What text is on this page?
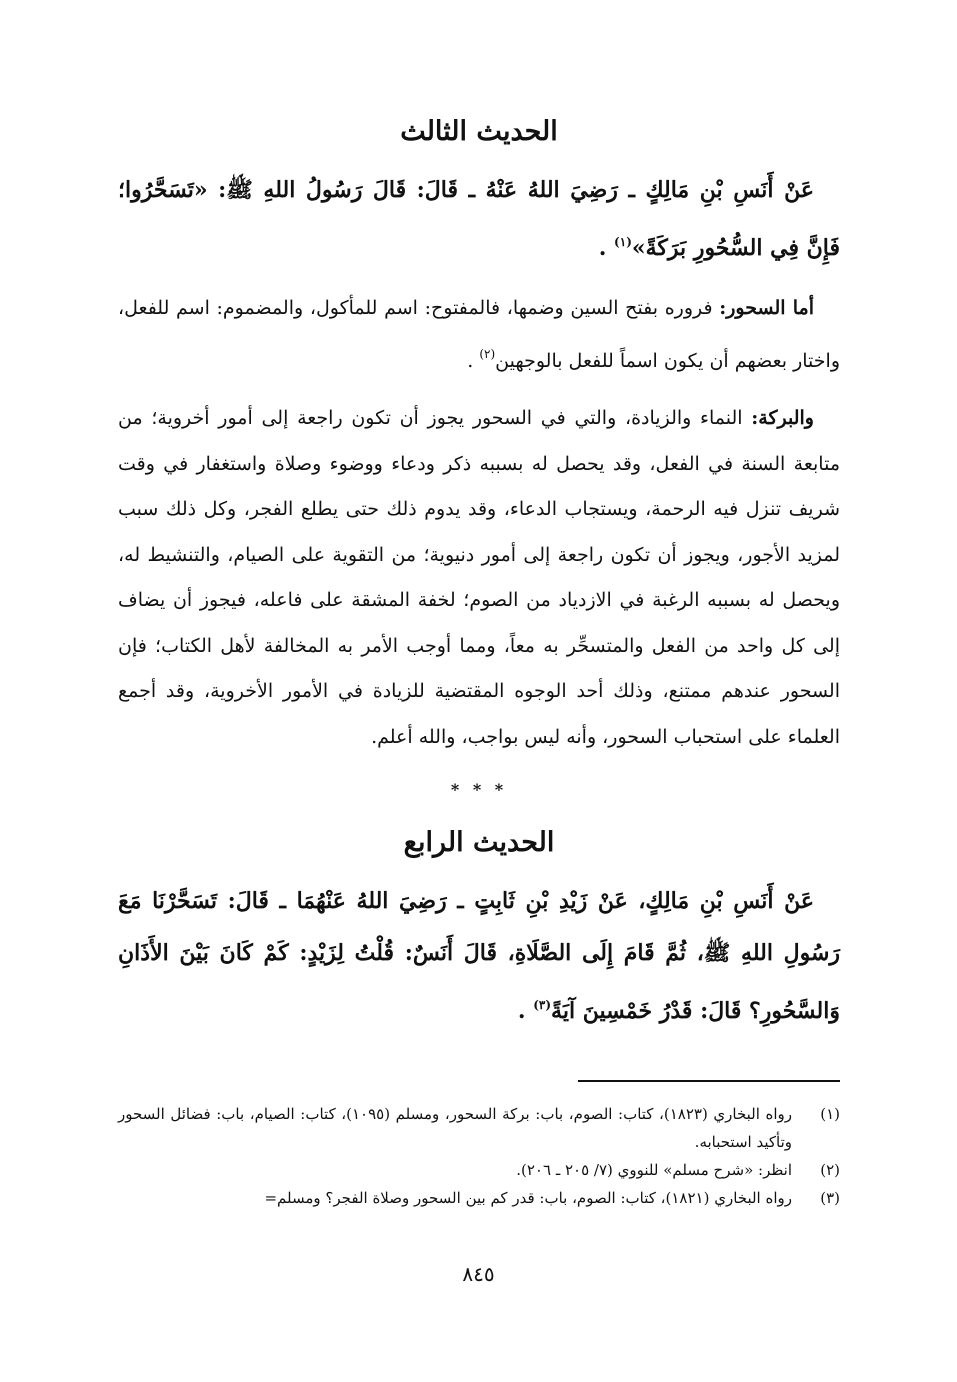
الحديث الثالث

عَنْ أَنَسِ بْنِ مَالِكٍ ـ رَضِيَ اللهُ عَنْهُ ـ قَالَ: قَالَ رَسُولُ اللهِ ﷺ: «تَسَحَّرُوا؛ فَإِنَّ فِي السُّحُورِ بَرَكَةً»$^{(١)}$ .

أما السحور: فروره بفتح السين وضمها، فالمفتوح: اسم للمأكول، والمضموم: اسم للفعل، واختار بعضهم أن يكون اسماً للفعل بالوجهين$^{(٢)}$ .

والبركة: النماء والزيادة، والتي في السحور يجوز أن تكون راجعة إلى أمور أخروية؛ من متابعة السنة في الفعل، وقد يحصل له بسببه ذكر ودعاء ووضوء وصلاة واستغفار في وقت شريف تنزل فيه الرحمة، ويستجاب الدعاء، وقد يدوم ذلك حتى يطلع الفجر، وكل ذلك سبب لمزيد الأجور، ويجوز أن تكون راجعة إلى أمور دنيوية؛ من التقوية على الصيام، والتنشيط له، ويحصل له بسببه الرغبة في الازدياد من الصوم؛ لخفة المشقة على فاعله، فيجوز أن يضاف إلى كل واحد من الفعل والمتسحِّر به معاً، ومما أوجب الأمر به المخالفة لأهل الكتاب؛ فإن السحور عندهم ممتنع، وذلك أحد الوجوه المقتضية للزيادة في الأمور الأخروية، وقد أجمع العلماء على استحباب السحور، وأنه ليس بواجب، والله أعلم.

* * *
الحديث الرابع

عَنْ أَنَسِ بْنِ مَالِكٍ، عَنْ زَيْدِ بْنِ ثَابِتٍ ـ رَضِيَ اللهُ عَنْهُمَا ـ قَالَ: تَسَحَّرْنَا مَعَ رَسُولِ اللهِ ﷺ، ثُمَّ قَامَ إِلَى الصَّلَاةِ، قَالَ أَنَسٌ: قُلْتُ لِزَيْدٍ: كَمْ كَانَ بَيْنَ الأَذَانِ وَالسَّحُورِ؟ قَالَ: قَدْرُ خَمْسِينَ آيَةً$^{(٣)}$ .

(١)
رواه البخاري (١٨٢٣)، كتاب: الصوم، باب: بركة السحور، ومسلم (١٠٩٥)، كتاب: الصيام، باب: فضائل السحور وتأكيد استحبابه.
(٢)
انظر: «شرح مسلم» للنووي (٧/ ٢٠٥ ـ ٢٠٦).
(٣)
رواه البخاري (١٨٢١)، كتاب: الصوم، باب: قدر كم بين السحور وصلاة الفجر؟ ومسلم=
٨٤٥
